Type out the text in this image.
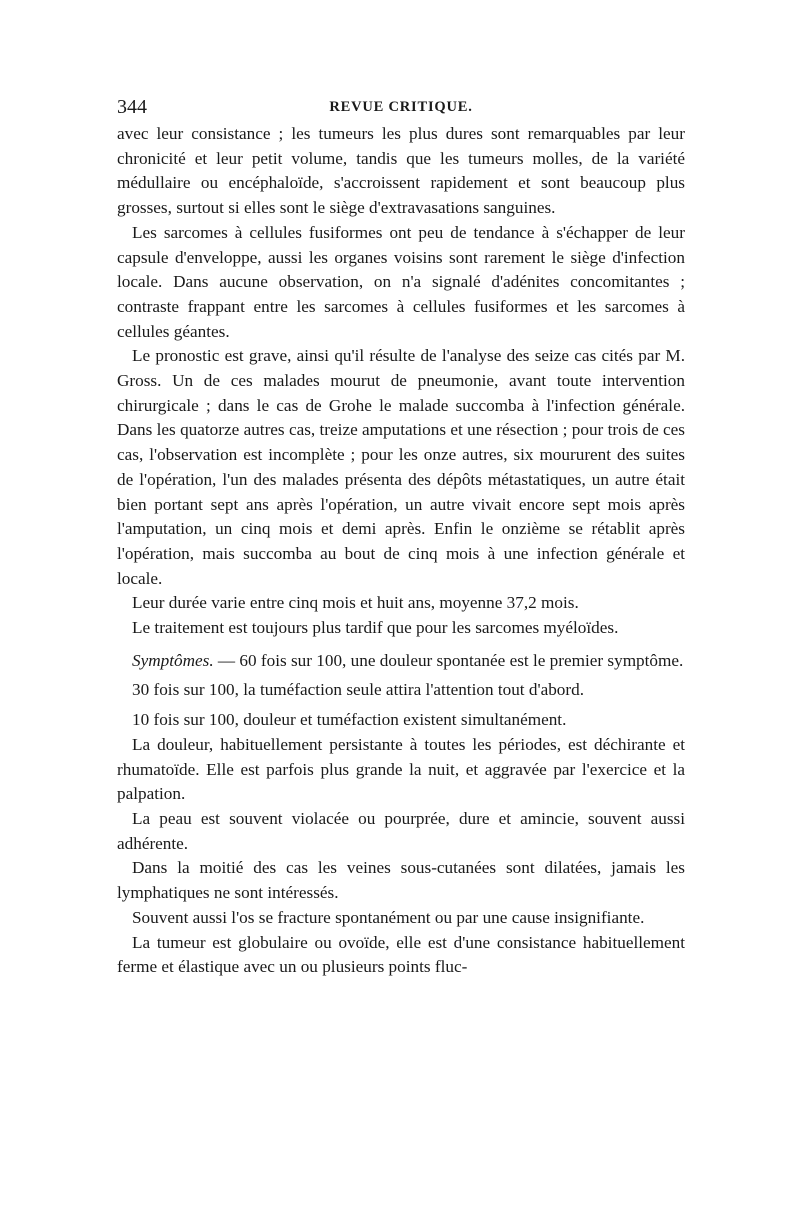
344	REVUE CRITIQUE.

avec leur consistance ; les tumeurs les plus dures sont remarquables par leur chronicité et leur petit volume, tandis que les tumeurs molles, de la variété médullaire ou encéphaloïde, s'accroissent rapidement et sont beaucoup plus grosses, surtout si elles sont le siège d'extravasations sanguines.

Les sarcomes à cellules fusiformes ont peu de tendance à s'échapper de leur capsule d'enveloppe, aussi les organes voisins sont rarement le siège d'infection locale. Dans aucune observation, on n'a signalé d'adénites concomitantes ; contraste frappant entre les sarcomes à cellules fusiformes et les sarcomes à cellules géantes.

Le pronostic est grave, ainsi qu'il résulte de l'analyse des seize cas cités par M. Gross. Un de ces malades mourut de pneumonie, avant toute intervention chirurgicale ; dans le cas de Grohe le malade succomba à l'infection générale. Dans les quatorze autres cas, treize amputations et une résection ; pour trois de ces cas, l'observation est incomplète ; pour les onze autres, six moururent des suites de l'opération, l'un des malades présenta des dépôts métastatiques, un autre était bien portant sept ans après l'opération, un autre vivait encore sept mois après l'amputation, un cinq mois et demi après. Enfin le onzième se rétablit après l'opération, mais succomba au bout de cinq mois à une infection générale et locale.

Leur durée varie entre cinq mois et huit ans, moyenne 37,2 mois.

Le traitement est toujours plus tardif que pour les sarcomes myéloïdes.

Symptômes. — 60 fois sur 100, une douleur spontanée est le premier symptôme.

30 fois sur 100, la tuméfaction seule attira l'attention tout d'abord.

10 fois sur 100, douleur et tuméfaction existent simultanément.

La douleur, habituellement persistante à toutes les périodes, est déchirante et rhumatoïde. Elle est parfois plus grande la nuit, et aggravée par l'exercice et la palpation.

La peau est souvent violacée ou pourprée, dure et amincie, souvent aussi adhérente.

Dans la moitié des cas les veines sous-cutanées sont dilatées, jamais les lymphatiques ne sont intéressés.

Souvent aussi l'os se fracture spontanément ou par une cause insignifiante.

La tumeur est globulaire ou ovoïde, elle est d'une consistance habituellement ferme et élastique avec un ou plusieurs points fluc-
